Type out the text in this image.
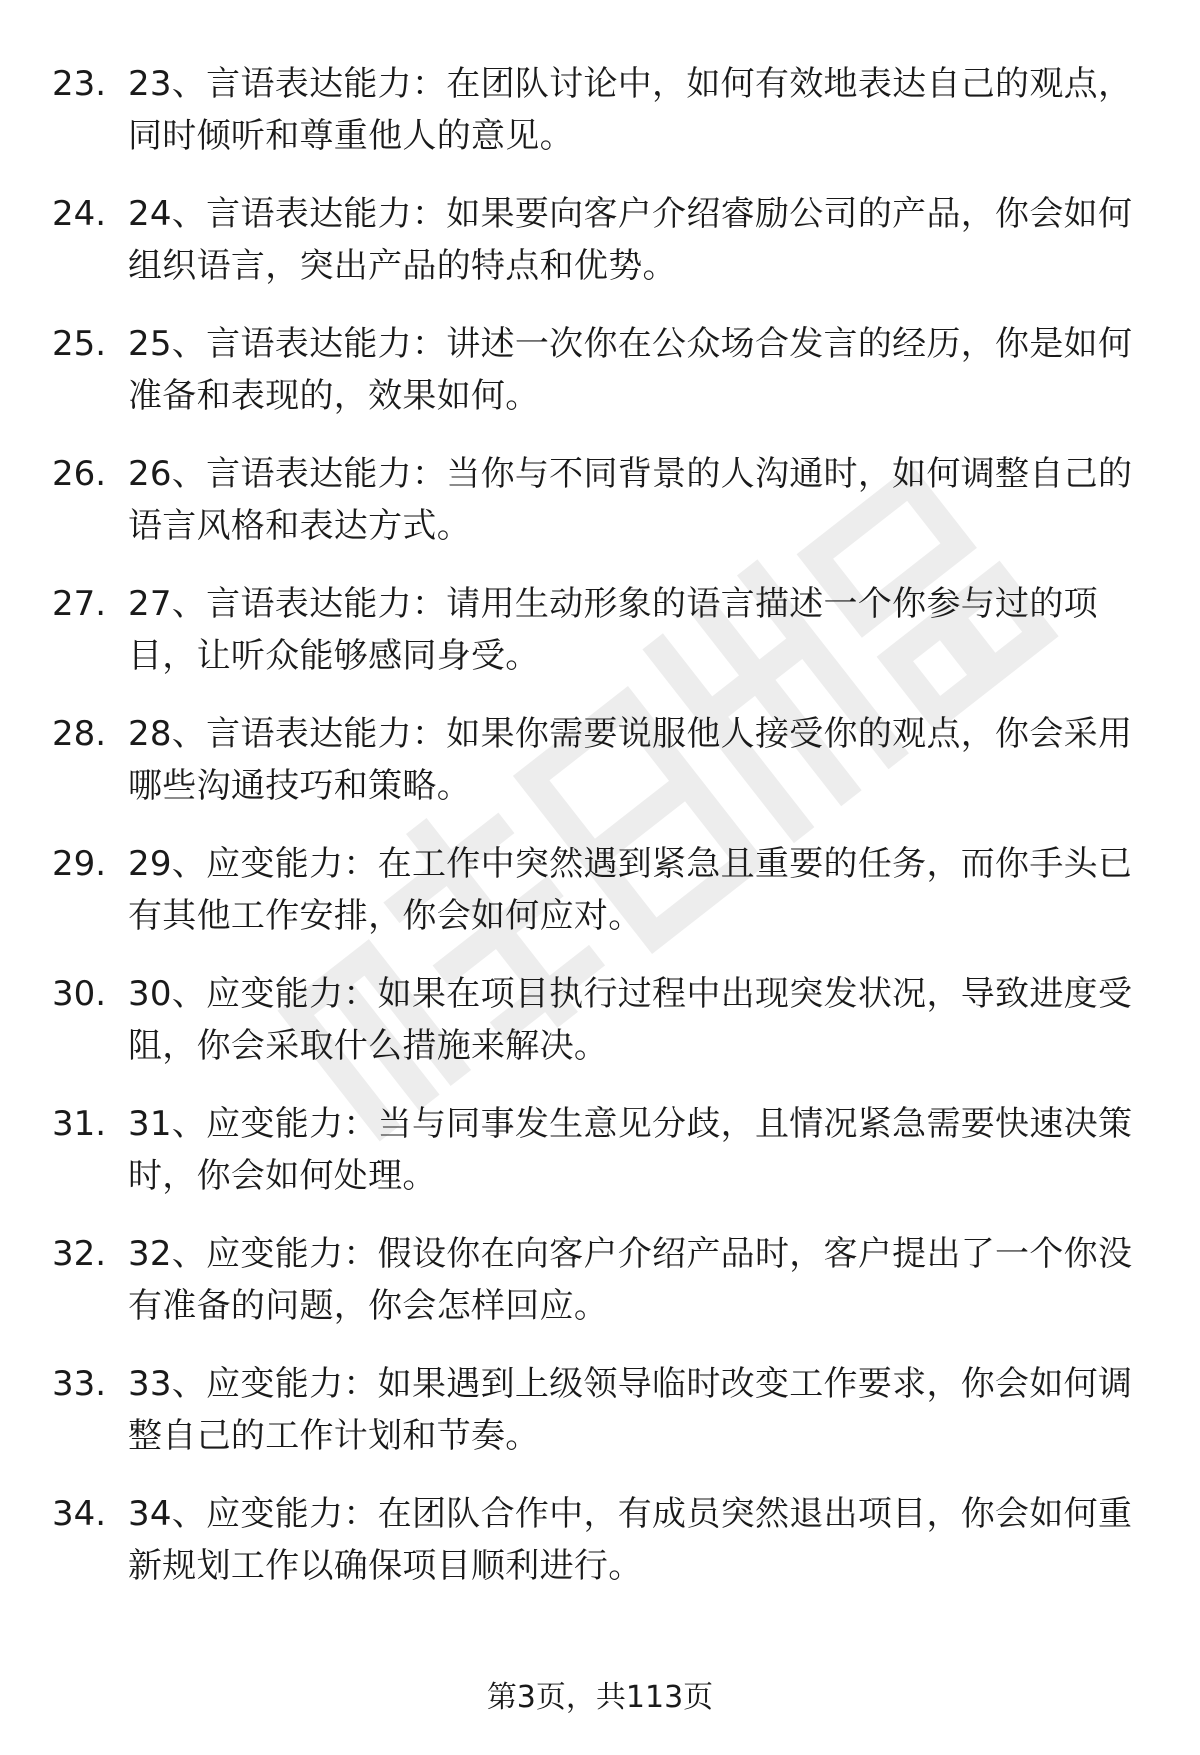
23. 23、言语表达能力：在团队讨论中，如何有效地表达自己的观点，同时倾听和尊重他人的意见。
24. 24、言语表达能力：如果要向客户介绍睿励公司的产品，你会如何组织语言，突出产品的特点和优势。
25. 25、言语表达能力：讲述一次你在公众场合发言的经历，你是如何准备和表现的，效果如何。
26. 26、言语表达能力：当你与不同背景的人沟通时，如何调整自己的语言风格和表达方式。
27. 27、言语表达能力：请用生动形象的语言描述一个你参与过的项目，让听众能够感同身受。
28. 28、言语表达能力：如果你需要说服他人接受你的观点，你会采用哪些沟通技巧和策略。
29. 29、应变能力：在工作中突然遇到紧急且重要的任务，而你手头已有其他工作安排，你会如何应对。
30. 30、应变能力：如果在项目执行过程中出现突发状况，导致进度受阻，你会采取什么措施来解决。
31. 31、应变能力：当与同事发生意见分歧，且情况紧急需要快速决策时，你会如何处理。
32. 32、应变能力：假设你在向客户介绍产品时，客户提出了一个你没有准备的问题，你会怎样回应。
33. 33、应变能力：如果遇到上级领导临时改变工作要求，你会如何调整自己的工作计划和节奏。
34. 34、应变能力：在团队合作中，有成员突然退出项目，你会如何重新规划工作以确保项目顺利进行。
第3页，共113页
